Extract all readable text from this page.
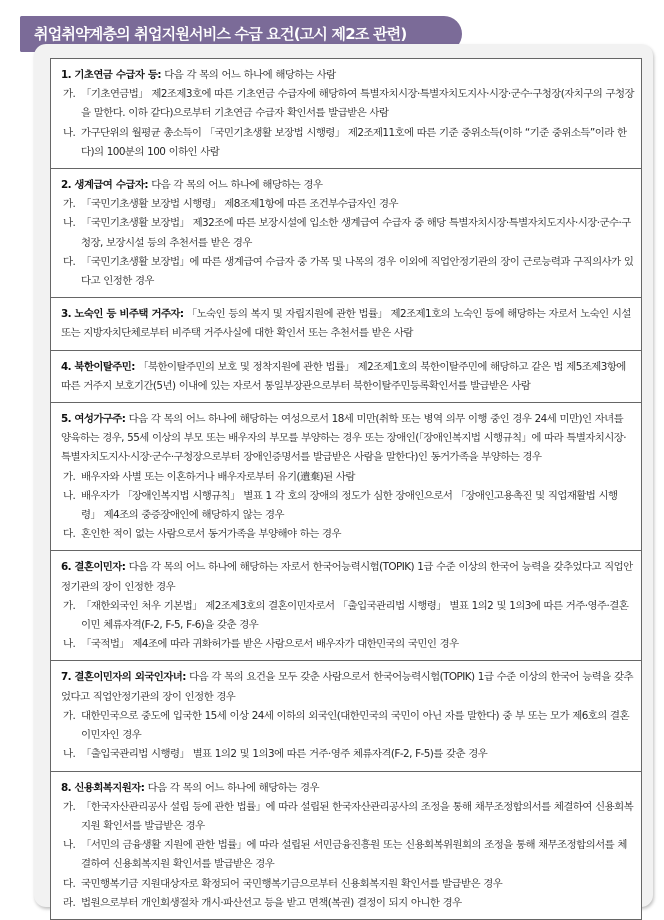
취업취약계층의 취업지원서비스 수급 요건(고시 제2조 관련)
1. 기초연금 수급자 등: 다음 각 목의 어느 하나에 해당하는 사람
가. 「기초연금법」 제2조제3호에 따른 기초연금 수급자에 해당하여 특별자치시장·특별자치도지사·시장·군수·구청장(자치구의 구청장을 말한다. 이하 같다)으로부터 기초연금 수급자 확인서를 발급받은 사람
나. 가구단위의 월평균 총소득이 「국민기초생활 보장법 시행령」 제2조제11호에 따른 기준 중위소득(이하 “기준 중위소득”이라 한다)의 100분의 100 이하인 사람
2. 생계급여 수급자: 다음 각 목의 어느 하나에 해당하는 경우
가. 「국민기초생활 보장법 시행령」 제8조제1항에 따른 조건부수급자인 경우
나. 「국민기초생활 보장법」 제32조에 따른 보장시설에 입소한 생계급여 수급자 중 해당 특별자치시장·특별자치도지사·시장·군수·구청장, 보장시설 등의 추천서를 받은 경우
다. 「국민기초생활 보장법」에 따른 생계급여 수급자 중 가목 및 나목의 경우 이외에 직업안정기관의 장이 근로능력과 구직의사가 있다고 인정한 경우
3. 노숙인 등 비주택 거주자: 「노숙인 등의 복지 및 자립지원에 관한 법률」 제2조제1호의 노숙인 등에 해당하는 자로서 노숙인 시설 또는 지방자치단체로부터 비주택 거주사실에 대한 확인서 또는 추천서를 받은 사람
4. 북한이탈주민: 「북한이탈주민의 보호 및 정착지원에 관한 법률」 제2조제1호의 북한이탈주민에 해당하고 같은 법 제5조제3항에 따른 거주지 보호기간(5년) 이내에 있는 자로서 통일부장관으로부터 북한이탈주민등록확인서를 발급받은 사람
5. 여성가구주: 다음 각 목의 어느 하나에 해당하는 여성으로서 18세 미만(취학 또는 병역 의무 이행 중인 경우 24세 미만)인 자녀를 양육하는 경우, 55세 이상의 부모 또는 배우자의 부모를 부양하는 경우 또는 장애인(「장애인복지법 시행규칙」에 따라 특별자치시장·특별자치도지사·시장·군수·구청장으로부터 장애인증명서를 발급받은 사람을 말한다)인 동거가족을 부양하는 경우
가. 배우자와 사별 또는 이혼하거나 배우자로부터 유기(遺棄)된 사람
나. 배우자가 「장애인복지법 시행규칙」 별표 1 각 호의 장애의 정도가 심한 장애인으로서 「장애인고용촉진 및 직업재활법 시행령」 제4조의 중증장애인에 해당하지 않는 경우
다. 혼인한 적이 없는 사람으로서 동거가족을 부양해야 하는 경우
6. 결혼이민자: 다음 각 목의 어느 하나에 해당하는 자로서 한국어능력시험(TOPIK) 1급 수준 이상의 한국어 능력을 갖추었다고 직업안정기관의 장이 인정한 경우
가. 「재한외국인 처우 기본법」 제2조제3호의 결혼이민자로서 「출입국관리법 시행령」 별표 1의2 및 1의3에 따른 거주·영주·결혼이민 체류자격(F-2, F-5, F-6)을 갖춘 경우
나. 「국적법」 제4조에 따라 귀화허가를 받은 사람으로서 배우자가 대한민국의 국민인 경우
7. 결혼이민자의 외국인자녀: 다음 각 목의 요건을 모두 갖춘 사람으로서 한국어능력시험(TOPIK) 1급 수준 이상의 한국어 능력을 갖추었다고 직업안정기관의 장이 인정한 경우
가. 대한민국으로 중도에 입국한 15세 이상 24세 이하의 외국인(대한민국의 국민이 아닌 자를 말한다) 중 부 또는 모가 제6호의 결혼이민자인 경우
나. 「출입국관리법 시행령」 별표 1의2 및 1의3에 따른 거주·영주 체류자격(F-2, F-5)를 갖춘 경우
8. 신용회복지원자: 다음 각 목의 어느 하나에 해당하는 경우
가. 「한국자산관리공사 설립 등에 관한 법률」에 따라 설립된 한국자산관리공사의 조정을 통해 채무조정합의서를 체결하여 신용회복지원 확인서를 발급받은 경우
나. 「서민의 금융생활 지원에 관한 법률」에 따라 설립된 서민금융진흥원 또는 신용회복위원회의 조정을 통해 채무조정합의서를 체결하여 신용회복지원 확인서를 발급받은 경우
다. 국민행복기금 지원대상자로 확정되어 국민행복기금으로부터 신용회복지원 확인서를 발급받은 경우
라. 법원으로부터 개인회생절차 개시·파산선고 등을 받고 면책(복권) 결정이 되지 아니한 경우
